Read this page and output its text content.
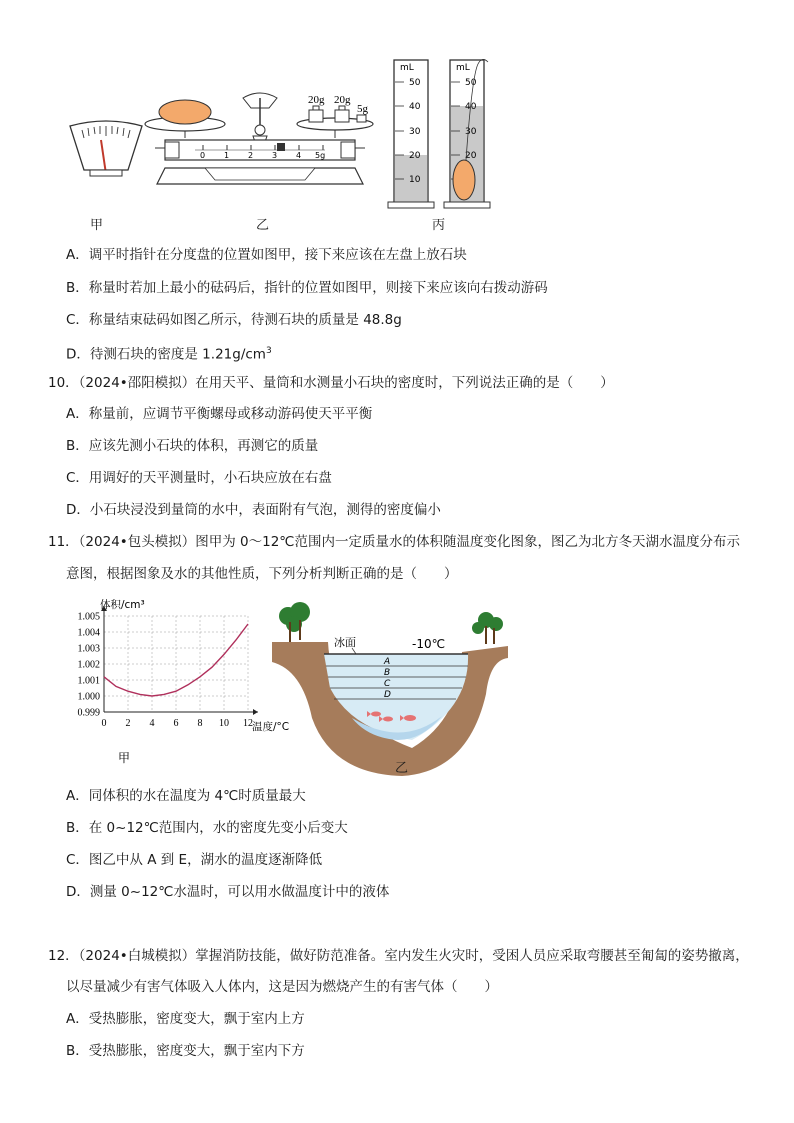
甲
20g 20g
5g
0 1 2 3 4 5g
乙
mL
50
40
30
20
10
mL
50
40
30
20
丙
A．调平时指针在分度盘的位置如图甲，接下来应该在左盘上放石块
B．称量时若加上最小的砝码后，指针的位置如图甲，则接下来应该向右拨动游码
C．称量结束砝码如图乙所示，待测石块的质量是 48.8g
D．待测石块的密度是 $1.21g/cm^3$
10．（2024•邵阳模拟）在用天平、量筒和水测量小石块的密度时，下列说法正确的是（　　）
A．称量前，应调节平衡螺母或移动游码使天平平衡
B．应该先测小石块的体积，再测它的质量
C．用调好的天平测量时，小石块应放在右盘
D．小石块浸没到量筒的水中，表面附有气泡，测得的密度偏小
11．（2024•包头模拟）图甲为 0～12℃范围内一定质量水的体积随温度变化图象，图乙为北方冬天湖水温度分布示
意图，根据图象及水的其他性质，下列分析判断正确的是（　　）
0 2 4 6 8 10 12
1.005
1.004
1.003
1.002
1.001
1.000
0.999
体积/cm³
温度/°C
甲
冰面	-10℃
A
B
C
D
乙
A．同体积的水在温度为 4℃时质量最大
B．在 0~12℃范围内，水的密度先变小后变大
C．图乙中从 A 到 E，湖水的温度逐渐降低
D．测量 0~12℃水温时，可以用水做温度计中的液体
12．（2024•白城模拟）掌握消防技能，做好防范准备。室内发生火灾时，受困人员应采取弯腰甚至匍匐的姿势撤离，
以尽量减少有害气体吸入人体内，这是因为燃烧产生的有害气体（　　）
A．受热膨胀，密度变大，飘于室内上方
B．受热膨胀，密度变大，飘于室内下方
